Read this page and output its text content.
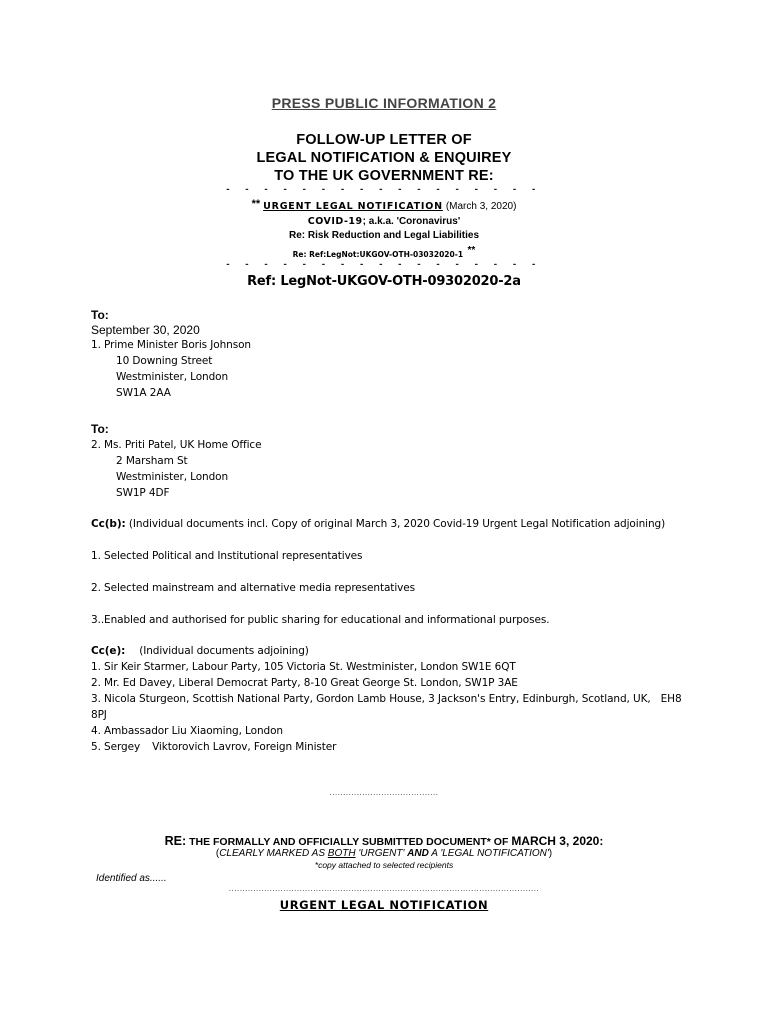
PRESS PUBLIC INFORMATION 2
FOLLOW-UP LETTER OF
LEGAL NOTIFICATION & ENQUIREY
TO THE UK GOVERNMENT RE:
- - - - - - - - - - - - - - - - -
** URGENT LEGAL NOTIFICATION (March 3, 2020)
COVID-19; a.k.a. 'Coronavirus'
Re: Risk Reduction and Legal Liabilities
Re: Ref:LegNot:UKGOV-OTH-03032020-1 **
- - - - - - - - - - - - - - - - -
Ref: LegNot-UKGOV-OTH-09302020-2a
To:
September 30, 2020
1. Prime Minister Boris Johnson
10 Downing Street
Westminister, London
SW1A 2AA
To:
2. Ms. Priti Patel, UK Home Office
2 Marsham St
Westminister, London
SW1P 4DF
Cc(b): (Individual documents incl. Copy of original March 3, 2020 Covid-19 Urgent Legal Notification adjoining)
1. Selected Political and Institutional representatives
2. Selected mainstream and alternative media representatives
3..Enabled and authorised for public sharing for educational and informational purposes.
Cc(e): (Individual documents adjoining)
1. Sir Keir Starmer, Labour Party, 105 Victoria St. Westminister, London SW1E 6QT
2. Mr. Ed Davey, Liberal Democrat Party, 8-10 Great George St. London, SW1P 3AE
3. Nicola Sturgeon, Scottish National Party, Gordon Lamb House, 3 Jackson's Entry, Edinburgh, Scotland, UK, EH8
8PJ
4. Ambassador Liu Xiaoming, London
5. Sergey Viktorovich Lavrov, Foreign Minister
........................................
RE: THE FORMALLY AND OFFICIALLY SUBMITTED DOCUMENT* OF MARCH 3, 2020:
(CLEARLY MARKED AS BOTH 'URGENT' AND A 'LEGAL NOTIFICATION')
*copy attached to selected recipients
Identified as......
..................................................................................................................
URGENT LEGAL NOTIFICATION
